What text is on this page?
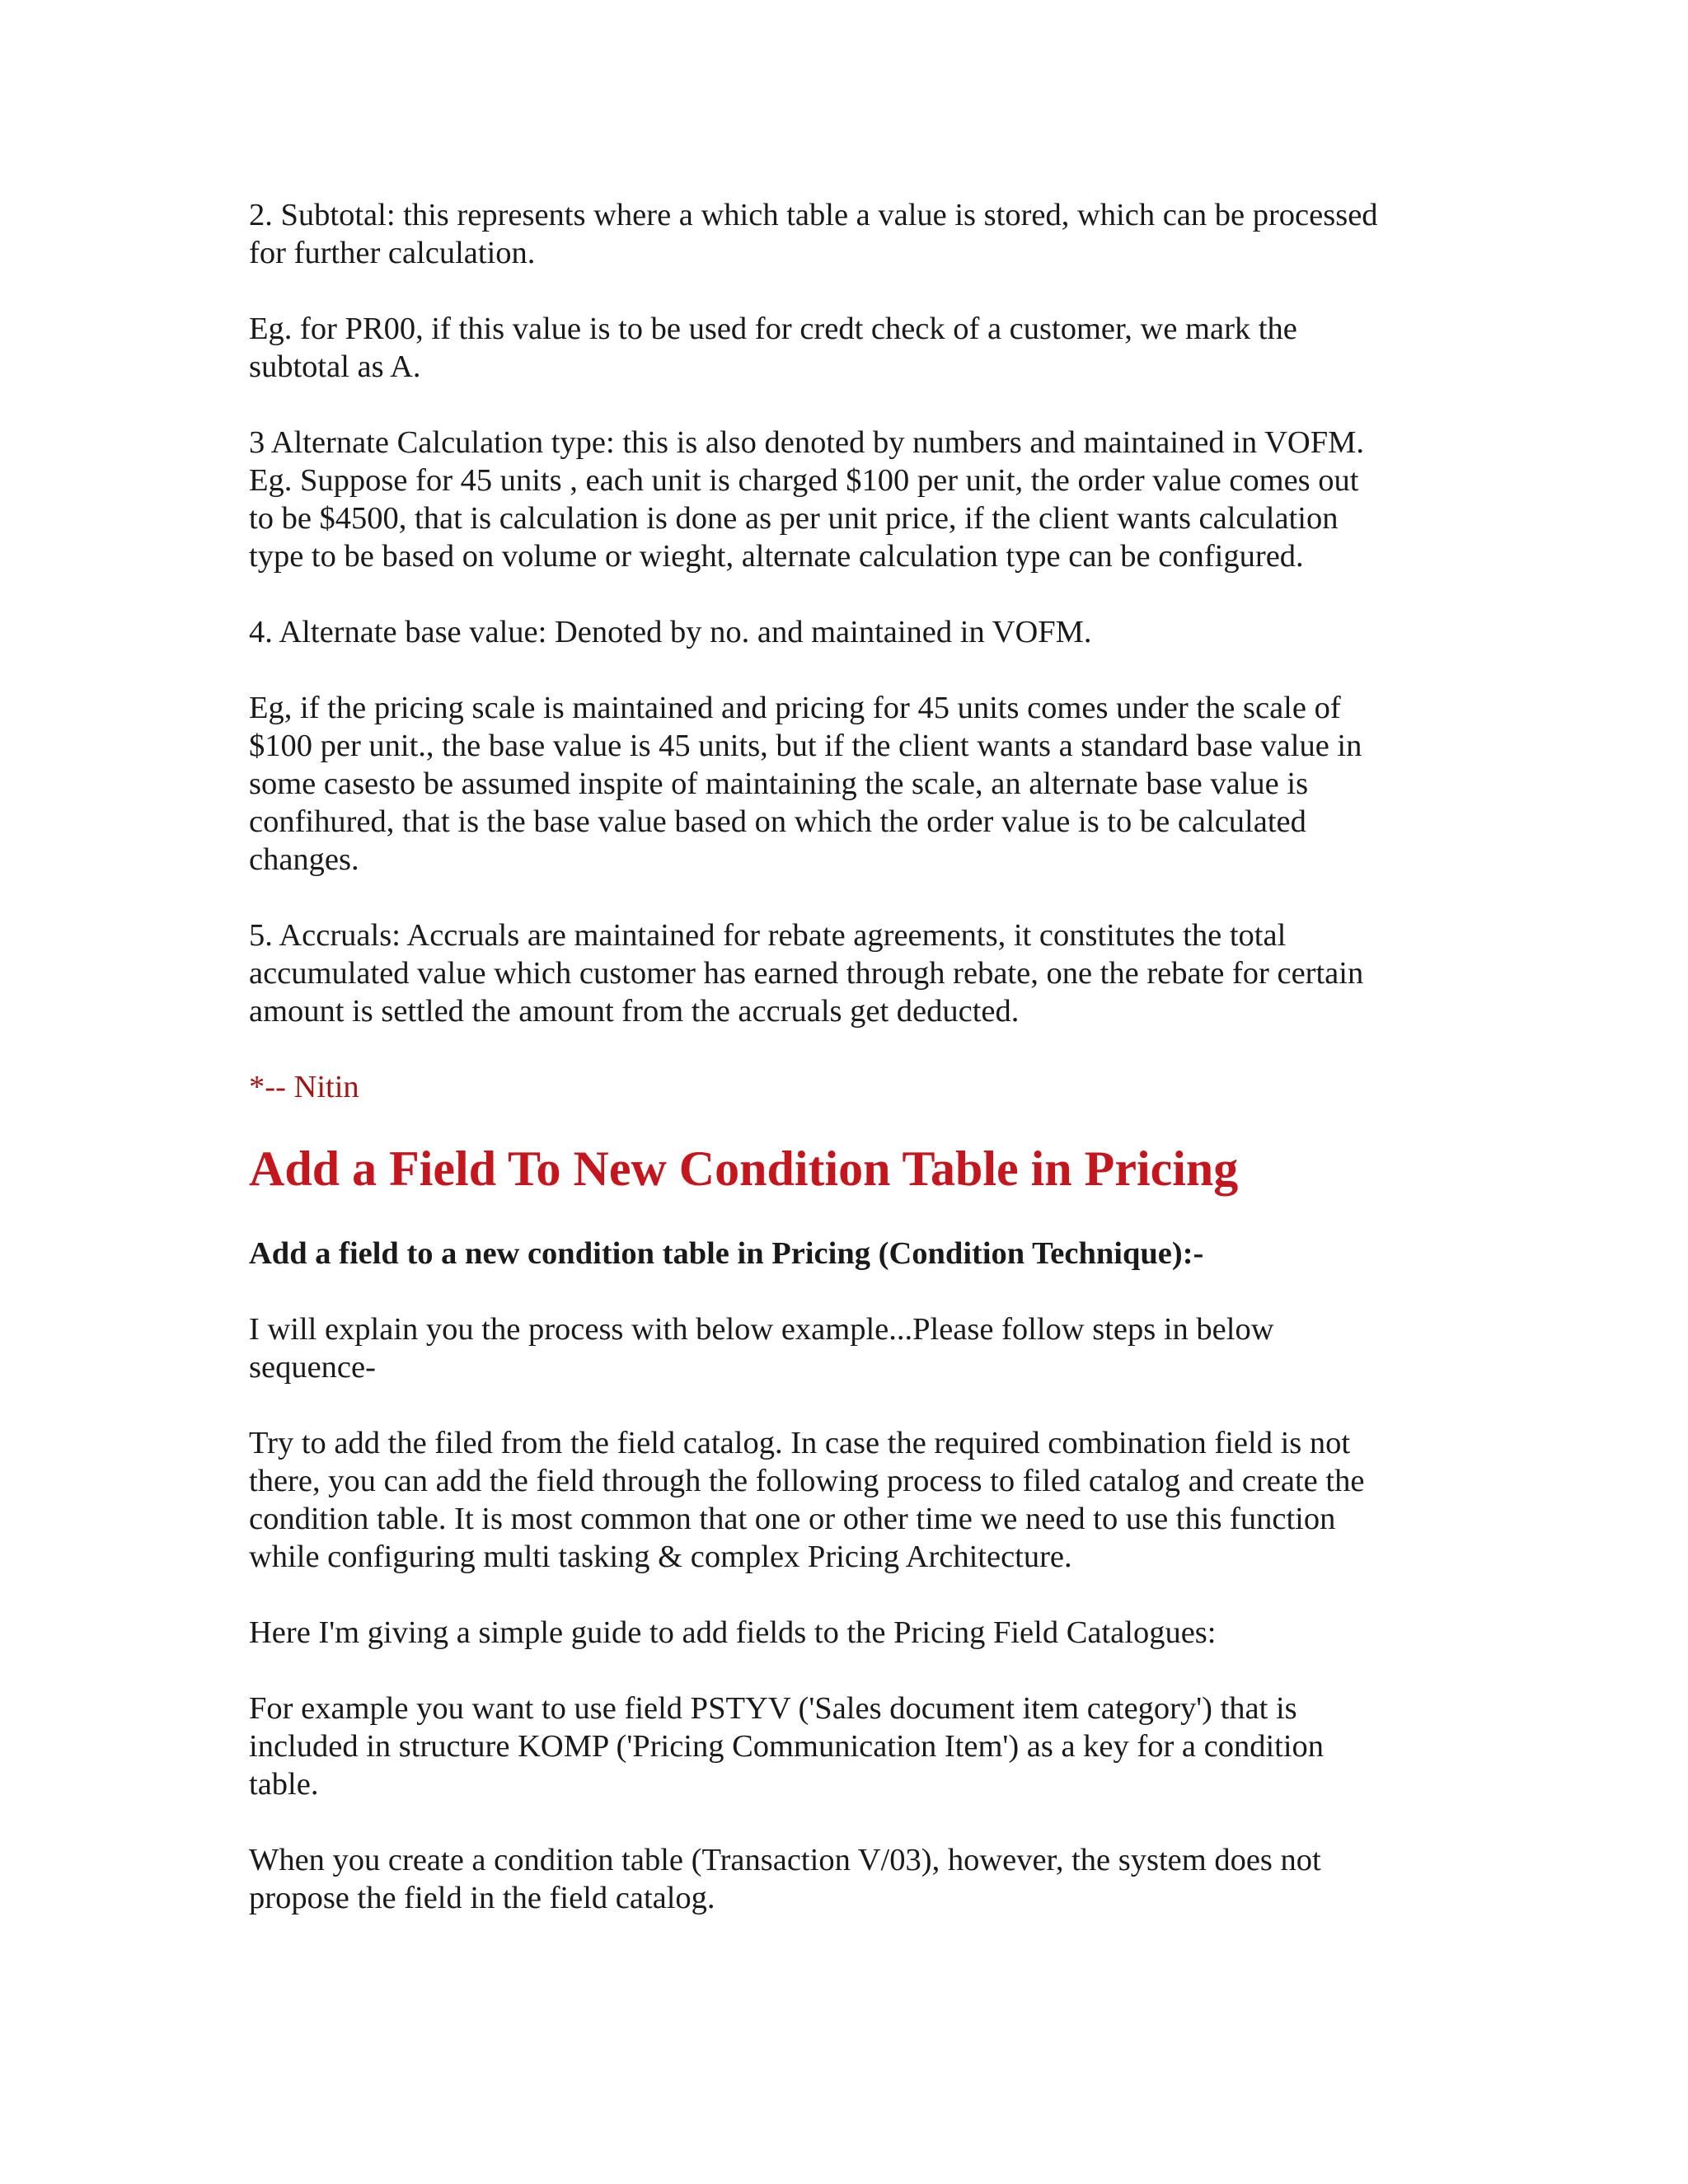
2. Subtotal: this represents where a which table a value is stored, which can be processed
for further calculation.

Eg. for PR00, if this value is to be used for credt check of a customer, we mark the
subtotal as A.

3 Alternate Calculation type: this is also denoted by numbers and maintained in VOFM.
Eg. Suppose for 45 units , each unit is charged $100 per unit, the order value comes out
to be $4500, that is calculation is done as per unit price, if the client wants calculation
type to be based on volume or wieght, alternate calculation type can be configured.

4. Alternate base value: Denoted by no. and maintained in VOFM.

Eg, if the pricing scale is maintained and pricing for 45 units comes under the scale of
$100 per unit., the base value is 45 units, but if the client wants a standard base value in
some casesto be assumed inspite of maintaining the scale, an alternate base value is
confihured, that is the base value based on which the order value is to be calculated
changes.

5. Accruals: Accruals are maintained for rebate agreements, it constitutes the total
accumulated value which customer has earned through rebate, one the rebate for certain
amount is settled the amount from the accruals get deducted.

*-- Nitin

Add a Field To New Condition Table in Pricing

Add a field to a new condition table in Pricing (Condition Technique):-

I will explain you the process with below example...Please follow steps in below
sequence-

Try to add the filed from the field catalog. In case the required combination field is not
there, you can add the field through the following process to filed catalog and create the
condition table. It is most common that one or other time we need to use this function
while configuring multi tasking & complex Pricing Architecture.

Here I'm giving a simple guide to add fields to the Pricing Field Catalogues:

For example you want to use field PSTYV ('Sales document item category') that is
included in structure KOMP ('Pricing Communication Item') as a key for a condition
table.

When you create a condition table (Transaction V/03), however, the system does not
propose the field in the field catalog.
